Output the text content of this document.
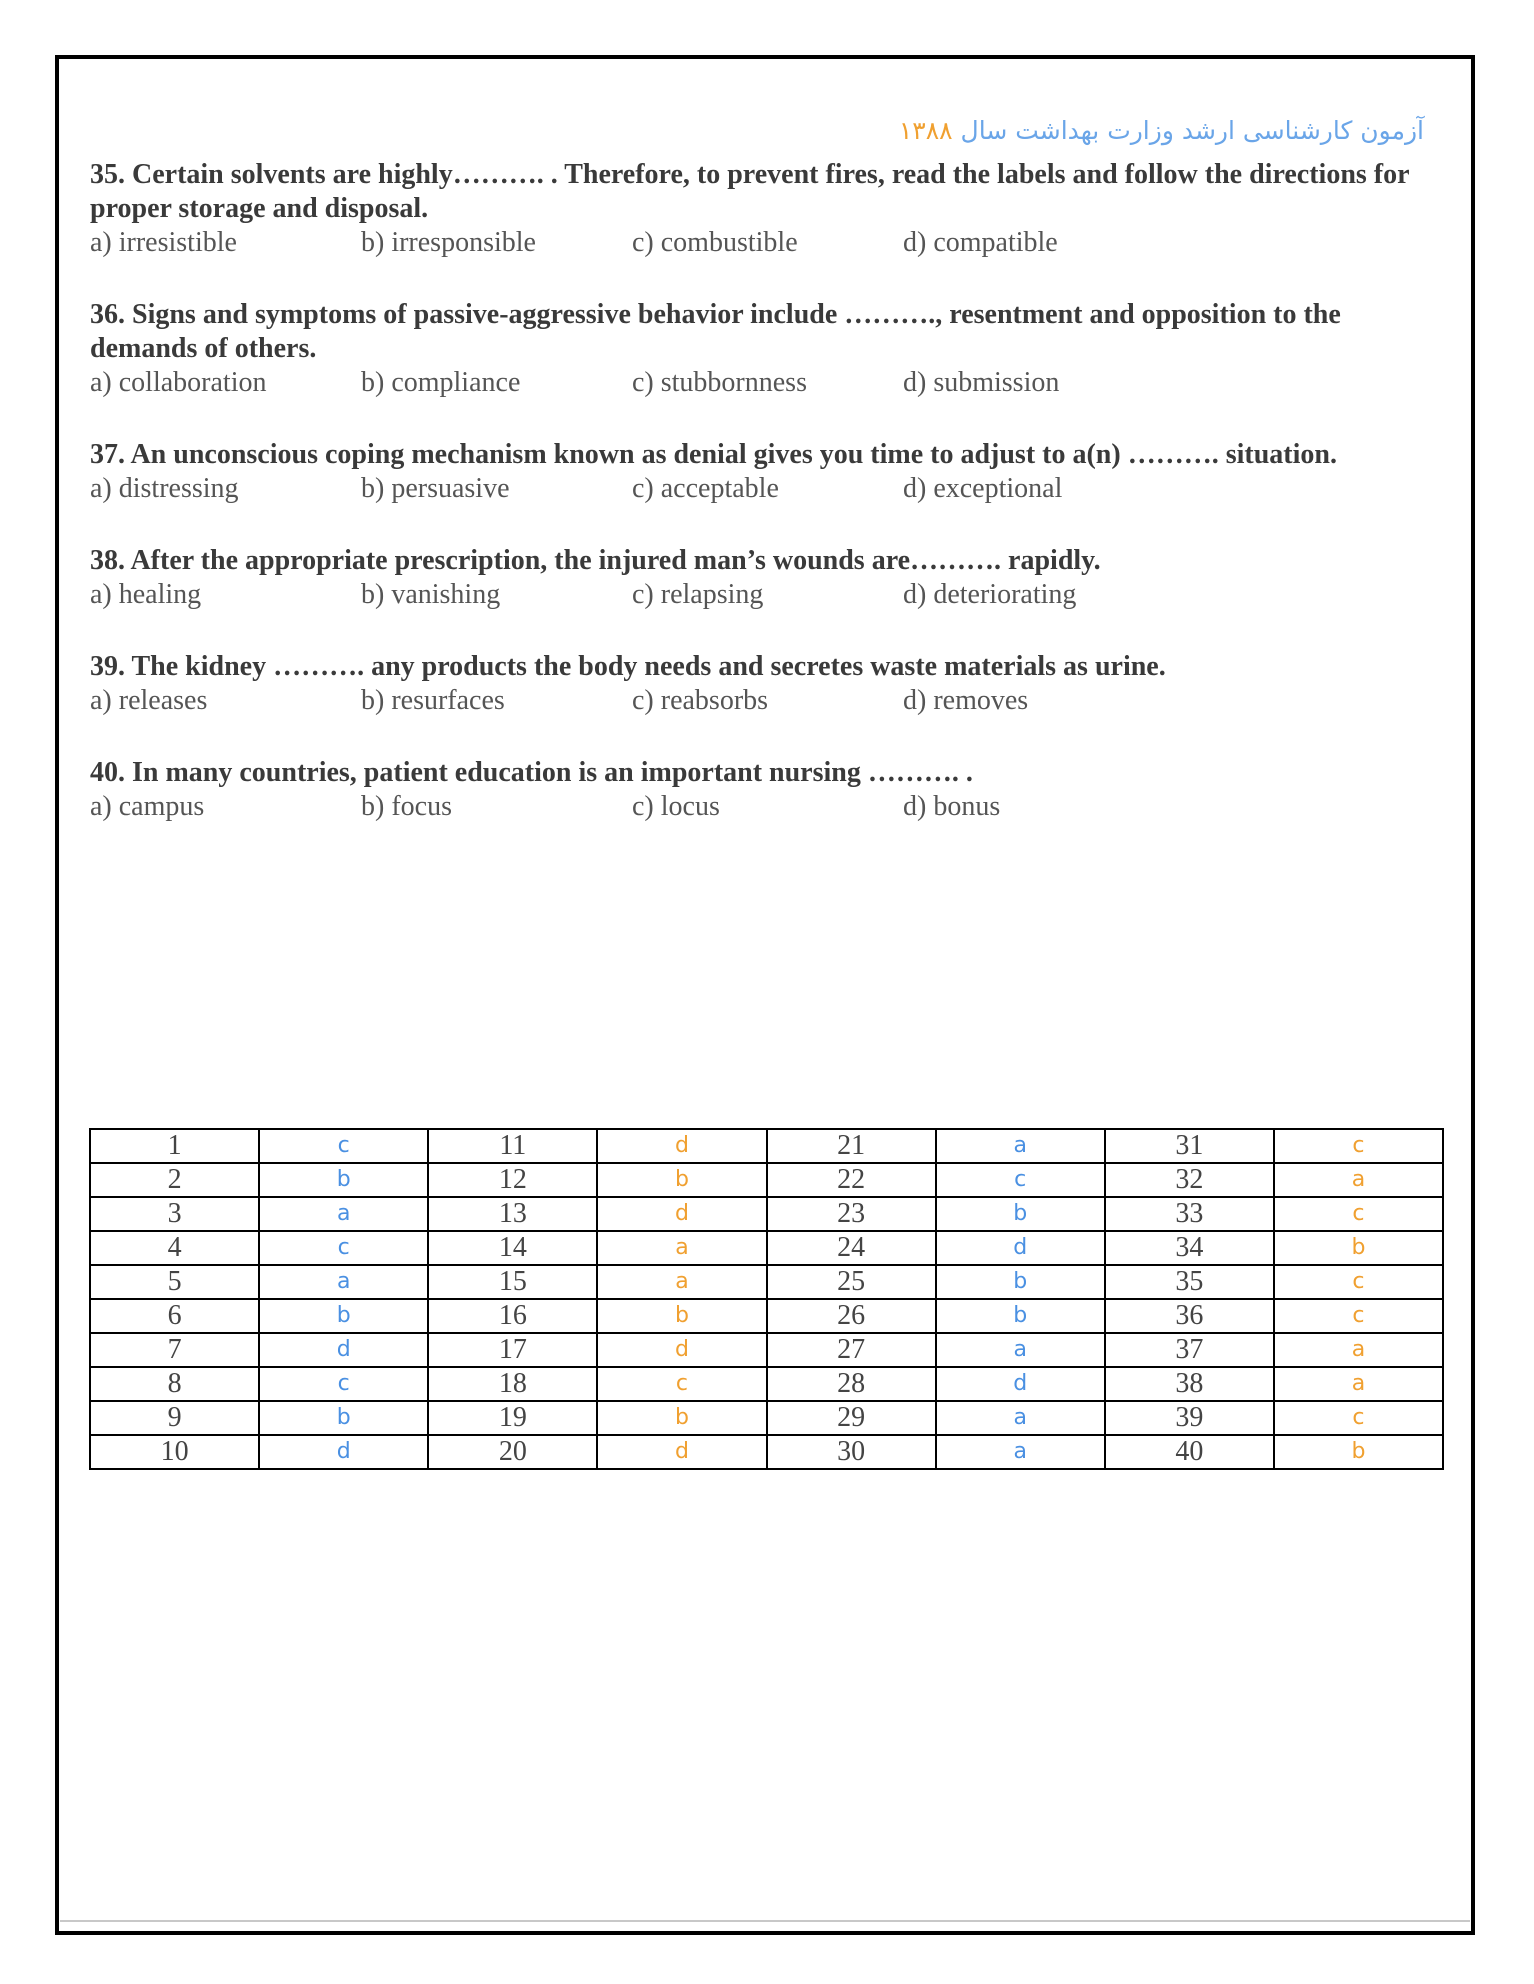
آزمون کارشناسی ارشد وزارت بهداشت سال ۱۳۸۸
35. Certain solvents are highly………. . Therefore, to prevent fires, read the labels and follow the directions for proper storage and disposal.
a) irresistible	b) irresponsible	c) combustible	d) compatible
36. Signs and symptoms of passive-aggressive behavior include ………., resentment and opposition to the demands of others.
a) collaboration	b) compliance	c) stubbornness	d) submission
37. An unconscious coping mechanism known as denial gives you time to adjust to a(n) ………. situation.
a) distressing	b) persuasive	c) acceptable	d) exceptional
38. After the appropriate prescription, the injured man’s wounds are………. rapidly.
a) healing	b) vanishing	c) relapsing	d) deteriorating
39. The kidney ………. any products the body needs and secretes waste materials as urine.
a) releases	b) resurfaces	c) reabsorbs	d) removes
40. In many countries, patient education is an important nursing ………. .
a) campus	b) focus	c) locus	d) bonus
1	c	11	d	21	a	31	c
2	b	12	b	22	c	32	a
3	a	13	d	23	b	33	c
4	c	14	a	24	d	34	b
5	a	15	a	25	b	35	c
6	b	16	b	26	b	36	c
7	d	17	d	27	a	37	a
8	c	18	c	28	d	38	a
9	b	19	b	29	a	39	c
10	d	20	d	30	a	40	b
